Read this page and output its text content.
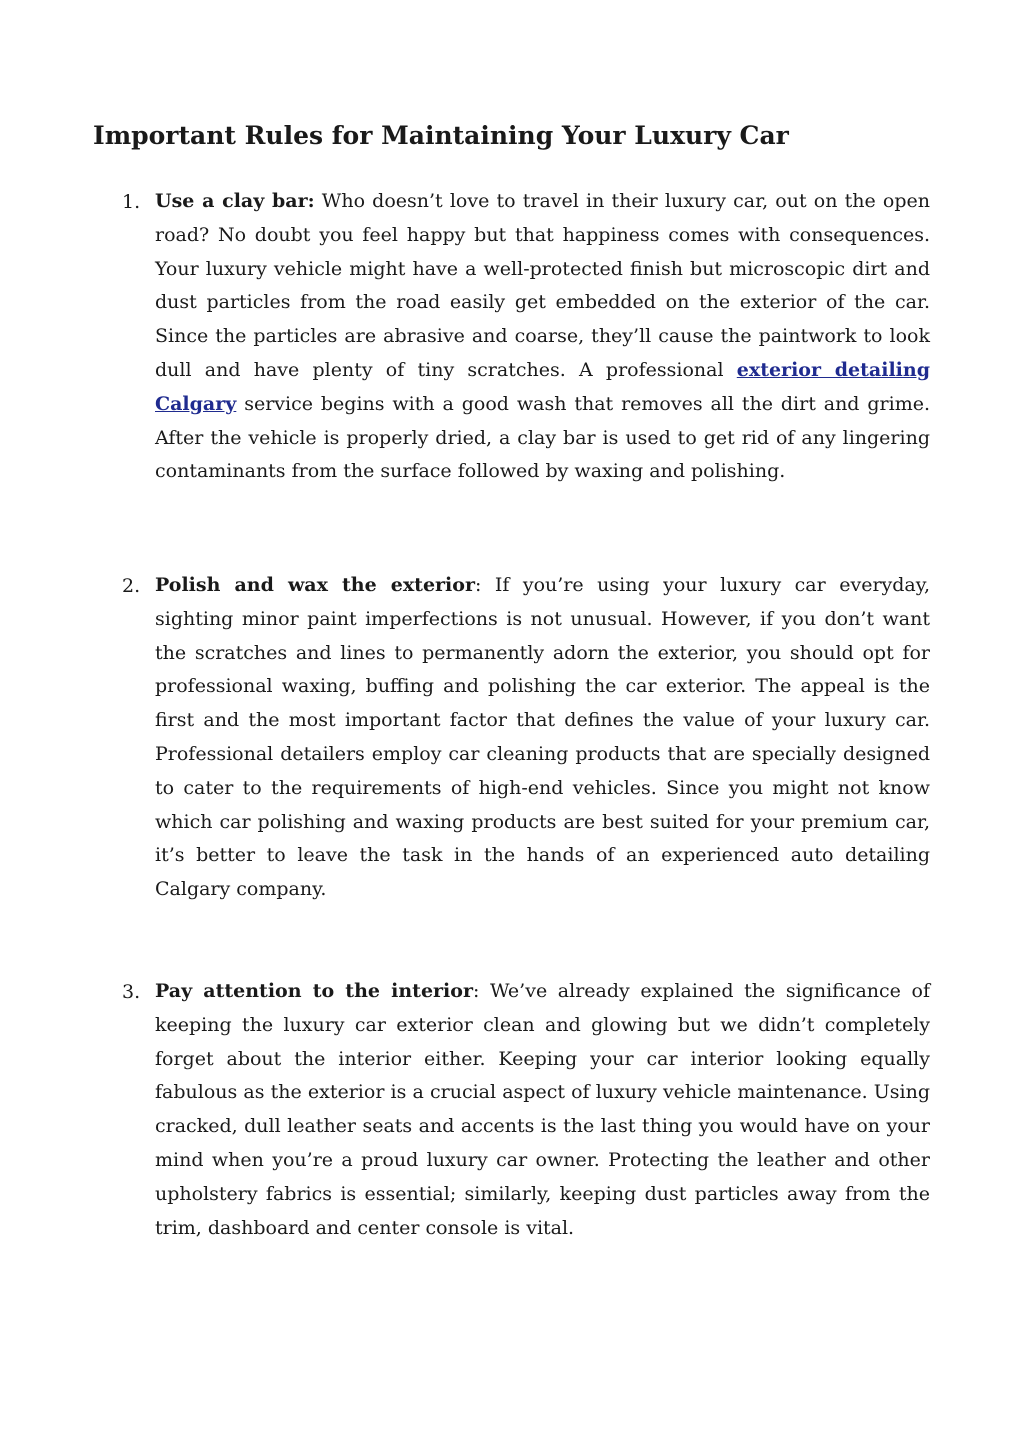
Important Rules for Maintaining Your Luxury Car
1. Use a clay bar: Who doesn’t love to travel in their luxury car, out on the open road? No doubt you feel happy but that happiness comes with consequences. Your luxury vehicle might have a well-protected finish but microscopic dirt and dust particles from the road easily get embedded on the exterior of the car. Since the particles are abrasive and coarse, they’ll cause the paintwork to look dull and have plenty of tiny scratches. A professional exterior detailing Calgary service begins with a good wash that removes all the dirt and grime. After the vehicle is properly dried, a clay bar is used to get rid of any lingering contaminants from the surface followed by waxing and polishing.

2. Polish and wax the exterior: If you’re using your luxury car everyday, sighting minor paint imperfections is not unusual. However, if you don’t want the scratches and lines to permanently adorn the exterior, you should opt for professional waxing, buffing and polishing the car exterior. The appeal is the first and the most important factor that defines the value of your luxury car. Professional detailers employ car cleaning products that are specially designed to cater to the requirements of high-end vehicles. Since you might not know which car polishing and waxing products are best suited for your premium car, it’s better to leave the task in the hands of an experienced auto detailing Calgary company.

3. Pay attention to the interior: We’ve already explained the significance of keeping the luxury car exterior clean and glowing but we didn’t completely forget about the interior either. Keeping your car interior looking equally fabulous as the exterior is a crucial aspect of luxury vehicle maintenance. Using cracked, dull leather seats and accents is the last thing you would have on your mind when you’re a proud luxury car owner. Protecting the leather and other upholstery fabrics is essential; similarly, keeping dust particles away from the trim, dashboard and center console is vital.
